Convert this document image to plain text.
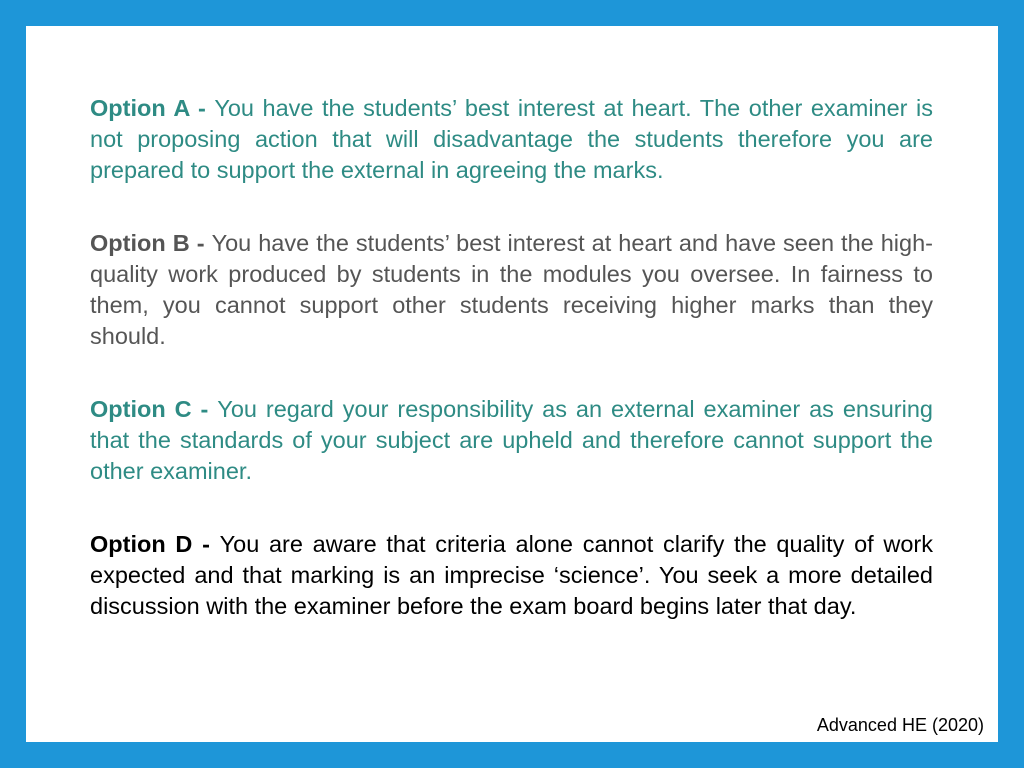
Option A - You have the students’ best interest at heart. The other examiner is not proposing action that will disadvantage the students therefore you are prepared to support the external in agreeing the marks.

Option B - You have the students’ best interest at heart and have seen the high-quality work produced by students in the modules you oversee. In fairness to them, you cannot support other students receiving higher marks than they should.

Option C - You regard your responsibility as an external examiner as ensuring that the standards of your subject are upheld and therefore cannot support the other examiner.

Option D - You are aware that criteria alone cannot clarify the quality of work expected and that marking is an imprecise ‘science’. You seek a more detailed discussion with the examiner before the exam board begins later that day.

Advanced HE (2020)
